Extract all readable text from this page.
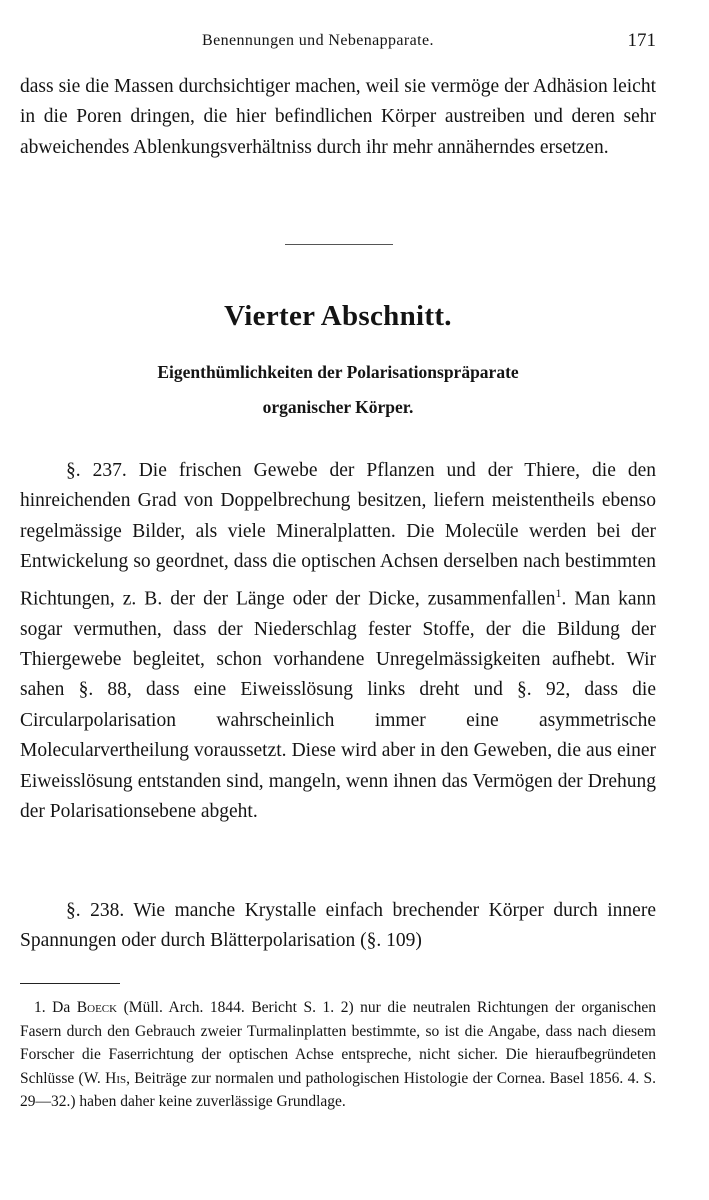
Benennungen und Nebenapparate.	171

dass sie die Massen durchsichtiger machen, weil sie vermöge der Adhäsion leicht in die Poren dringen, die hier befindlichen Körper austreiben und deren sehr abweichendes Ablenkungsverhältniss durch ihr mehr annäherndes ersetzen.

Vierter Abschnitt.

Eigenthümlichkeiten der Polarisationspräparate
organischer Körper.

§. 237. Die frischen Gewebe der Pflanzen und der Thiere, die den hinreichenden Grad von Doppelbrechung besitzen, liefern meistentheils ebenso regelmässige Bilder, als viele Mineralplatten. Die Molecüle werden bei der Entwickelung so geordnet, dass die optischen Achsen derselben nach bestimmten Richtungen, z. B. der der Länge oder der Dicke, zusammenfallen$^1$. Man kann sogar vermuthen, dass der Niederschlag fester Stoffe, der die Bildung der Thiergewebe begleitet, schon vorhandene Unregelmässigkeiten aufhebt. Wir sahen §. 88, dass eine Eiweisslösung links dreht und §. 92, dass die Circularpolarisation wahrscheinlich immer eine asymmetrische Molecularvertheilung voraussetzt. Diese wird aber in den Geweben, die aus einer Eiweisslösung entstanden sind, mangeln, wenn ihnen das Vermögen der Drehung der Polarisationsebene abgeht.

§. 238. Wie manche Krystalle einfach brechender Körper durch innere Spannungen oder durch Blätterpolarisation (§. 109)

1. Da Boeck (Müll. Arch. 1844. Bericht S. 1. 2) nur die neutralen Richtungen der organischen Fasern durch den Gebrauch zweier Turmalinplatten bestimmte, so ist die Angabe, dass nach diesem Forscher die Faserrichtung der optischen Achse entspreche, nicht sicher. Die hieraufbegründeten Schlüsse (W. His, Beiträge zur normalen und pathologischen Histologie der Cornea. Basel 1856. 4. S. 29—32.) haben daher keine zuverlässige Grundlage.
